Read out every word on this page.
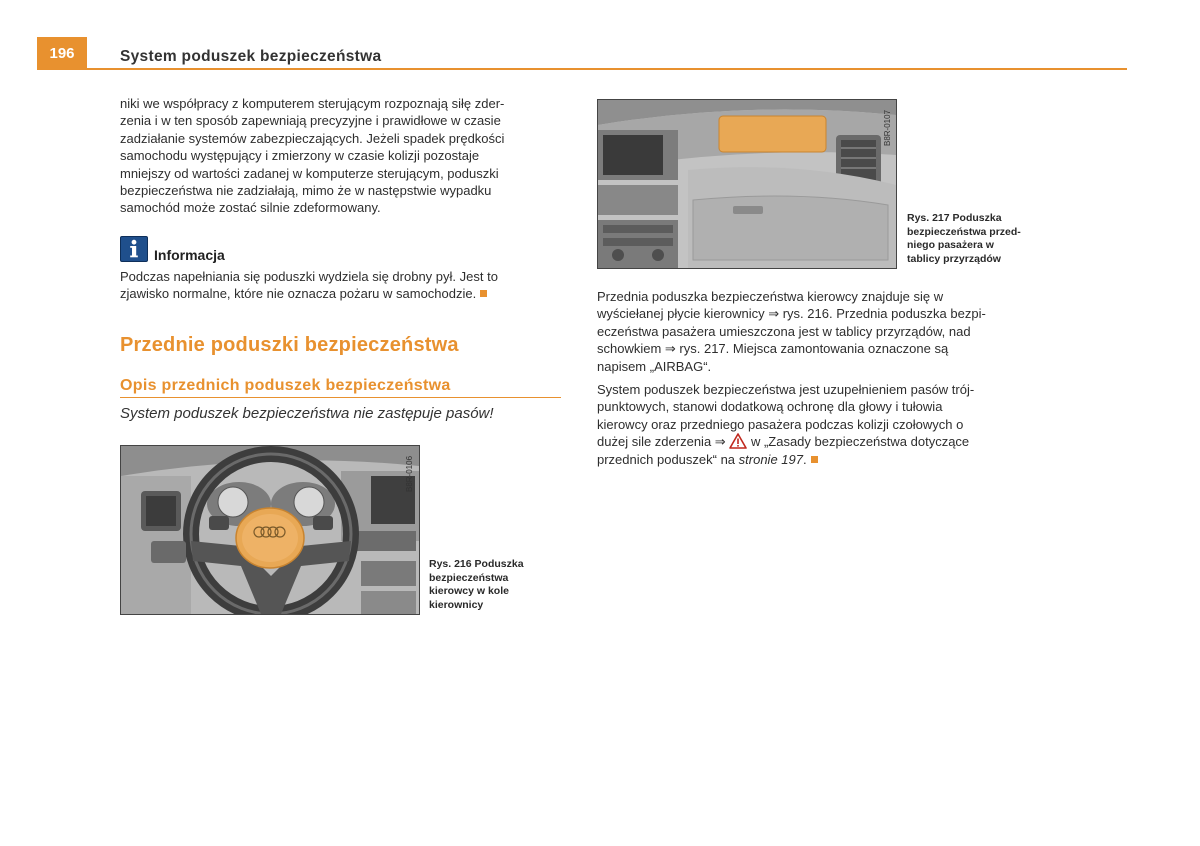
196	System poduszek bezpieczeństwa

niki we współpracy z komputerem sterującym rozpoznają siłę zder-
zenia i w ten sposób zapewniają precyzyjne i prawidłowe w czasie
zadziałanie systemów zabezpieczających. Jeżeli spadek prędkości
samochodu występujący i zmierzony w czasie kolizji pozostaje
mniejszy od wartości zadanej w komputerze sterującym, poduszki
bezpieczeństwa nie zadziałają, mimo że w następstwie wypadku
samochód może zostać silnie zdeformowany.

Informacja

Podczas napełniania się poduszki wydziela się drobny pył. Jest to
zjawisko normalne, które nie oznacza pożaru w samochodzie.

Przednie poduszki bezpieczeństwa
Opis przednich poduszek bezpieczeństwa
System poduszek bezpieczeństwa nie zastępuje pasów!
B8R-0106
Rys. 216 Poduszka
bezpieczeństwa
kierowcy w kole
kierownicy
B8R-0107
Rys. 217 Poduszka
bezpieczeństwa przed-
niego pasażera w
tablicy przyrządów

Przednia poduszka bezpieczeństwa kierowcy znajduje się w
wyściełanej płycie kierownicy ⇒ rys. 216. Przednia poduszka bezpi-
eczeństwa pasażera umieszczona jest w tablicy przyrządów, nad
schowkiem ⇒ rys. 217. Miejsca zamontowania oznaczone są
napisem „AIRBAG“.

System poduszek bezpieczeństwa jest uzupełnieniem pasów trój-
punktowych, stanowi dodatkową ochronę dla głowy i tułowia
kierowcy oraz przedniego pasażera podczas kolizji czołowych o
dużej sile zderzenia ⇒ w „Zasady bezpieczeństwa dotyczące
przednich poduszek“ na stronie 197.
